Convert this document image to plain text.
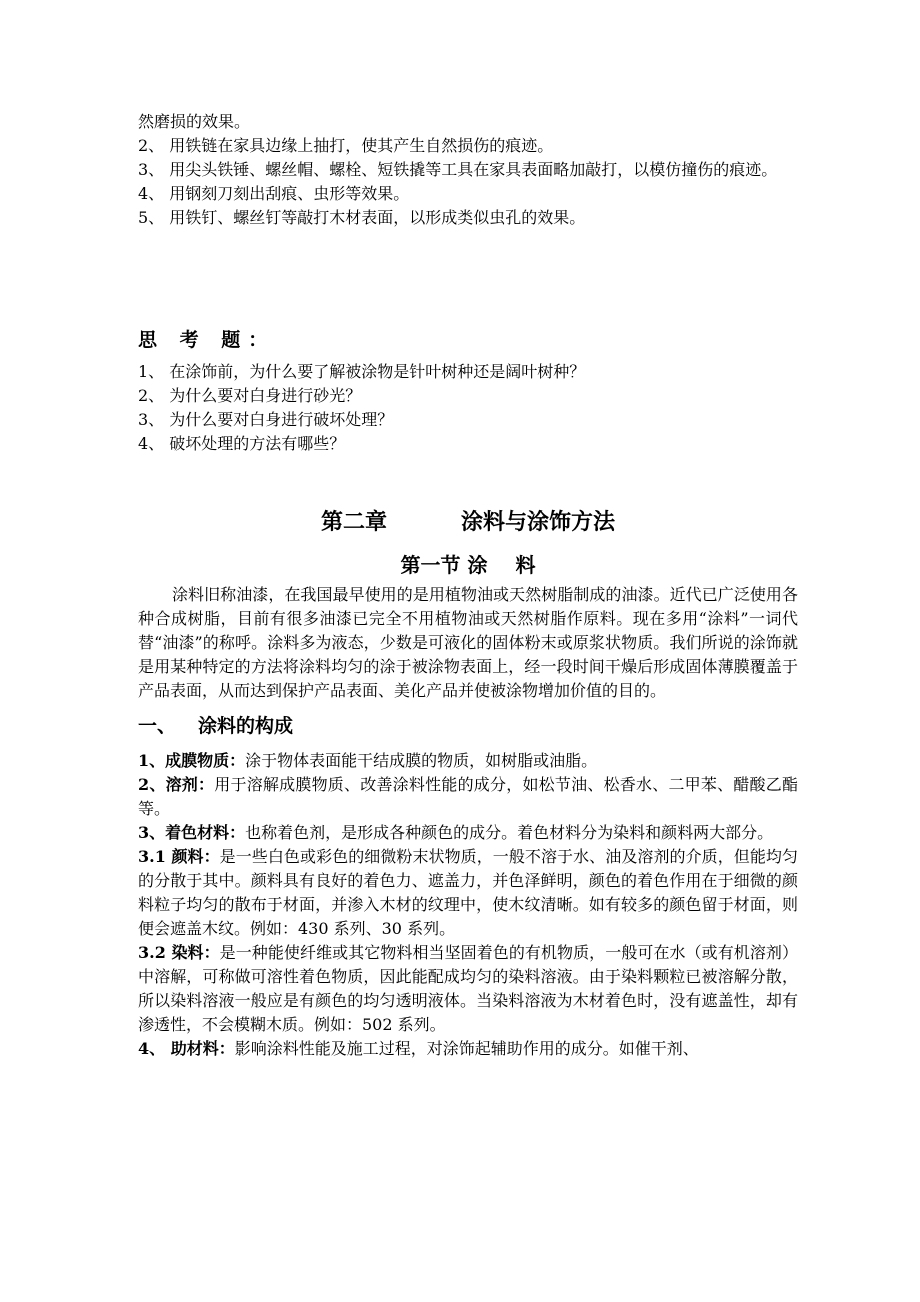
然磨损的效果。

2、 用铁链在家具边缘上抽打，使其产生自然损伤的痕迹。

3、 用尖头铁锤、螺丝帽、螺栓、短铁撬等工具在家具表面略加敲打，以模仿撞伤的痕迹。

4、 用钢刻刀刻出刮痕、虫形等效果。

5、 用铁钉、螺丝钉等敲打木材表面，以形成类似虫孔的效果。

思 考 题：

1、 在涂饰前，为什么要了解被涂物是针叶树种还是阔叶树种？

2、 为什么要对白身进行砂光？

3、 为什么要对白身进行破坏处理？

4、 破坏处理的方法有哪些？

第二章	涂料与涂饰方法

第一节 涂 料

涂料旧称油漆，在我国最早使用的是用植物油或天然树脂制成的油漆。近代已广泛使用各种合成树脂，目前有很多油漆已完全不用植物油或天然树脂作原料。现在多用“涂料”一词代替“油漆”的称呼。涂料多为液态，少数是可液化的固体粉末或原浆状物质。我们所说的涂饰就是用某种特定的方法将涂料均匀的涂于被涂物表面上，经一段时间干燥后形成固体薄膜覆盖于产品表面，从而达到保护产品表面、美化产品并使被涂物增加价值的目的。

一、 涂料的构成

1、成膜物质：涂于物体表面能干结成膜的物质，如树脂或油脂。

2、溶剂：用于溶解成膜物质、改善涂料性能的成分，如松节油、松香水、二甲苯、醋酸乙酯等。

3、着色材料：也称着色剂，是形成各种颜色的成分。着色材料分为染料和颜料两大部分。

3.1 颜料：是一些白色或彩色的细微粉末状物质，一般不溶于水、油及溶剂的介质，但能均匀的分散于其中。颜料具有良好的着色力、遮盖力，并色泽鲜明，颜色的着色作用在于细微的颜料粒子均匀的散布于材面，并渗入木材的纹理中，使木纹清晰。如有较多的颜色留于材面，则便会遮盖木纹。例如：430 系列、30 系列。

3.2 染料：是一种能使纤维或其它物料相当坚固着色的有机物质，一般可在水（或有机溶剂）中溶解，可称做可溶性着色物质，因此能配成均匀的染料溶液。由于染料颗粒已被溶解分散，所以染料溶液一般应是有颜色的均匀透明液体。当染料溶液为木材着色时，没有遮盖性，却有渗透性，不会模糊木质。例如：502 系列。

4、 助材料：影响涂料性能及施工过程，对涂饰起辅助作用的成分。如催干剂、
